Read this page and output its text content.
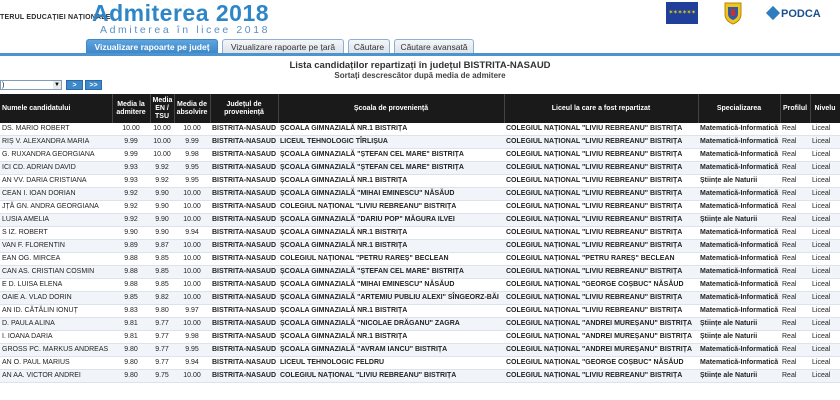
TERUL EDUCAȚIEI NAȚIONALE
Admiterea 2018
Admiterea în licee 2018
✶✶✶✶✶✶	PODCA
Vizualizare rapoarte pe județ	Vizualizare rapoarte pe țară	Căutare	Căutare avansată
Lista candidaților repartizați în județul BISTRITA-NASAUD
Sortați descrescător după media de admitere
)	▼	>	>>
Numele candidatului	Media la admitere	Media EN / TSU	Media de absolvire	Județul de proveniență	Școala de proveniență	Liceul la care a fost repartizat	Specializarea	Profilul	Nivelu
DS. MARIO ROBERT	10.00	10.00	10.00	BISTRITA-NASAUD	ȘCOALA GIMNAZIALĂ NR.1 BISTRIȚA	COLEGIUL NAȚIONAL "LIVIU REBREANU" BISTRIȚA	Matematică-Informatică	Real	Liceal
RIȘ V. ALEXANDRA MARIA	9.99	10.00	9.99	BISTRITA-NASAUD	LICEUL TEHNOLOGIC TÎRLIȘUA	COLEGIUL NAȚIONAL "LIVIU REBREANU" BISTRIȚA	Matematică-Informatică	Real	Liceal
G. RUXANDRA GEORGIANA	9.99	10.00	9.98	BISTRITA-NASAUD	ȘCOALA GIMNAZIALĂ "ȘTEFAN CEL MARE" BISTRIȚA	COLEGIUL NAȚIONAL "LIVIU REBREANU" BISTRIȚA	Matematică-Informatică	Real	Liceal
ICI CD. ADRIAN DAVID	9.93	9.92	9.95	BISTRITA-NASAUD	ȘCOALA GIMNAZIALĂ "ȘTEFAN CEL MARE" BISTRIȚA	COLEGIUL NAȚIONAL "LIVIU REBREANU" BISTRIȚA	Matematică-Informatică	Real	Liceal
AN VV. DARIA CRISTIANA	9.93	9.92	9.95	BISTRITA-NASAUD	ȘCOALA GIMNAZIALĂ NR.1 BISTRIȚA	COLEGIUL NAȚIONAL "LIVIU REBREANU" BISTRIȚA	Științe ale Naturii	Real	Liceal
CEAN I. IOAN DORIAN	9.92	9.90	10.00	BISTRITA-NASAUD	ȘCOALA GIMNAZIALĂ "MIHAI EMINESCU" NĂSĂUD	COLEGIUL NAȚIONAL "LIVIU REBREANU" BISTRIȚA	Matematică-Informatică	Real	Liceal
JȚĂ GN. ANDRA GEORGIANA	9.92	9.90	10.00	BISTRITA-NASAUD	COLEGIUL NAȚIONAL "LIVIU REBREANU" BISTRIȚA	COLEGIUL NAȚIONAL "LIVIU REBREANU" BISTRIȚA	Matematică-Informatică	Real	Liceal
LUSIA AMELIA	9.92	9.90	10.00	BISTRITA-NASAUD	ȘCOALA GIMNAZIALĂ "DARIU POP" MĂGURA ILVEI	COLEGIUL NAȚIONAL "LIVIU REBREANU" BISTRIȚA	Științe ale Naturii	Real	Liceal
S IZ. ROBERT	9.90	9.90	9.94	BISTRITA-NASAUD	ȘCOALA GIMNAZIALĂ NR.1 BISTRIȚA	COLEGIUL NAȚIONAL "LIVIU REBREANU" BISTRIȚA	Matematică-Informatică	Real	Liceal
VAN F. FLORENTIN	9.89	9.87	10.00	BISTRITA-NASAUD	ȘCOALA GIMNAZIALĂ NR.1 BISTRIȚA	COLEGIUL NAȚIONAL "LIVIU REBREANU" BISTRIȚA	Matematică-Informatică	Real	Liceal
EAN OG. MIRCEA	9.88	9.85	10.00	BISTRITA-NASAUD	COLEGIUL NAȚIONAL "PETRU RAREȘ" BECLEAN	COLEGIUL NAȚIONAL "PETRU RAREȘ" BECLEAN	Matematică-Informatică	Real	Liceal
CAN AS. CRISTIAN COSMIN	9.88	9.85	10.00	BISTRITA-NASAUD	ȘCOALA GIMNAZIALĂ "ȘTEFAN CEL MARE" BISTRIȚA	COLEGIUL NAȚIONAL "LIVIU REBREANU" BISTRIȚA	Matematică-Informatică	Real	Liceal
E D. LUISA ELENA	9.88	9.85	10.00	BISTRITA-NASAUD	ȘCOALA GIMNAZIALĂ "MIHAI EMINESCU" NĂSĂUD	COLEGIUL NAȚIONAL "GEORGE COȘBUC" NĂSĂUD	Matematică-Informatică	Real	Liceal
OAIE A. VLAD DORIN	9.85	9.82	10.00	BISTRITA-NASAUD	ȘCOALA GIMNAZIALĂ "ARTEMIU PUBLIU ALEXI" SÎNGEORZ-BĂI	COLEGIUL NAȚIONAL "LIVIU REBREANU" BISTRIȚA	Matematică-Informatică	Real	Liceal
AN ID. CĂTĂLIN IONUȚ	9.83	9.80	9.97	BISTRITA-NASAUD	ȘCOALA GIMNAZIALĂ NR.1 BISTRIȚA	COLEGIUL NAȚIONAL "LIVIU REBREANU" BISTRIȚA	Matematică-Informatică	Real	Liceal
D. PAULA ALINA	9.81	9.77	10.00	BISTRITA-NASAUD	ȘCOALA GIMNAZIALĂ "NICOLAE DRĂGANU" ZAGRA	COLEGIUL NAȚIONAL "ANDREI MUREȘANU" BISTRIȚA	Științe ale Naturii	Real	Liceal
I. IOANA DARIA	9.81	9.77	9.98	BISTRITA-NASAUD	ȘCOALA GIMNAZIALĂ NR.1 BISTRIȚA	COLEGIUL NAȚIONAL "ANDREI MUREȘANU" BISTRIȚA	Științe ale Naturii	Real	Liceal
GROSS PC. MARKUS ANDREAS	9.80	9.77	9.95	BISTRITA-NASAUD	ȘCOALA GIMNAZIALĂ "AVRAM IANCU" BISTRIȚA	COLEGIUL NAȚIONAL "ANDREI MUREȘANU" BISTRIȚA	Matematică-Informatică	Real	Liceal
AN O. PAUL MARIUS	9.80	9.77	9.94	BISTRITA-NASAUD	LICEUL TEHNOLOGIC FELDRU	COLEGIUL NAȚIONAL "GEORGE COȘBUC" NĂSĂUD	Matematică-Informatică	Real	Liceal
AN AA. VICTOR ANDREI	9.80	9.75	10.00	BISTRITA-NASAUD	COLEGIUL NAȚIONAL "LIVIU REBREANU" BISTRIȚA	COLEGIUL NAȚIONAL "LIVIU REBREANU" BISTRIȚA	Științe ale Naturii	Real	Liceal
